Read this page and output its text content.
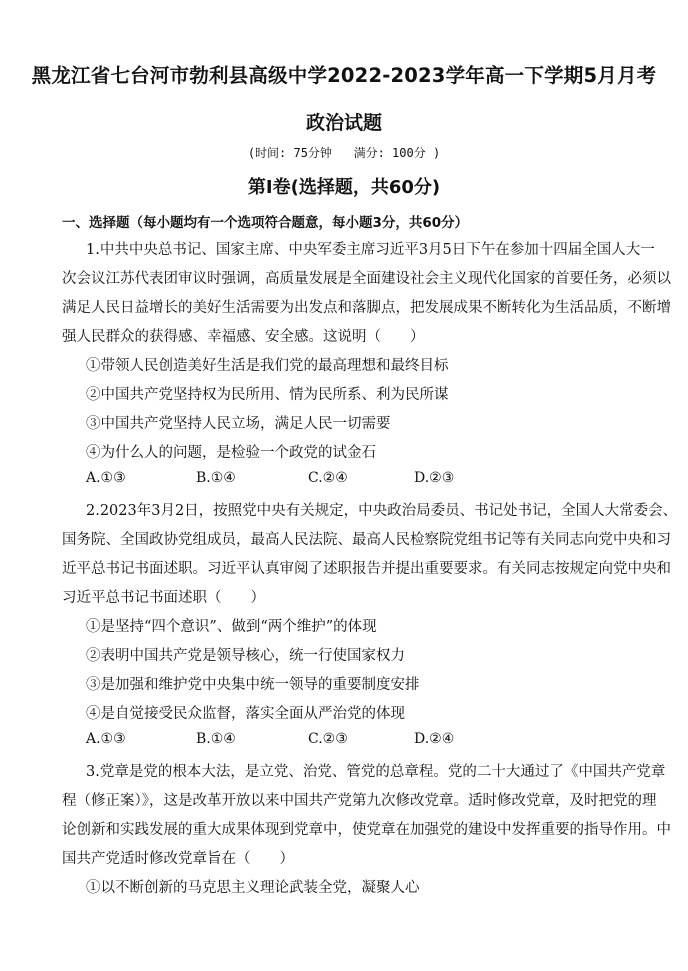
黑龙江省七台河市勃利县高级中学2022-2023学年高一下学期5月月考
政治试题
(时间: 75分钟   满分: 100分 )
第Ⅰ卷(选择题，共60分)
一、选择题（每小题均有一个选项符合题意，每小题3分，共60分）
1.中共中央总书记、国家主席、中央军委主席习近平3月5日下午在参加十四届全国人大一
次会议江苏代表团审议时强调，高质量发展是全面建设社会主义现代化国家的首要任务，必须以
满足人民日益增长的美好生活需要为出发点和落脚点，把发展成果不断转化为生活品质，不断增
强人民群众的获得感、幸福感、安全感。这说明（　　）
①带领人民创造美好生活是我们党的最高理想和最终目标
②中国共产党坚持权为民所用、情为民所系、利为民所谋
③中国共产党坚持人民立场，满足人民一切需要
④为什么人的问题，是检验一个政党的试金石
A.①③	B.①④	C.②④	D.②③
2.2023年3月2日，按照党中央有关规定，中央政治局委员、书记处书记，全国人大常委会、
国务院、全国政协党组成员，最高人民法院、最高人民检察院党组书记等有关同志向党中央和习
近平总书记书面述职。习近平认真审阅了述职报告并提出重要要求。有关同志按规定向党中央和
习近平总书记书面述职（　　）
①是坚持“四个意识”、做到“两个维护”的体现
②表明中国共产党是领导核心，统一行使国家权力
③是加强和维护党中央集中统一领导的重要制度安排
④是自觉接受民众监督，落实全面从严治党的体现
A.①③	B.①④	C.②③	D.②④
3.党章是党的根本大法，是立党、治党、管党的总章程。党的二十大通过了《中国共产党章
程（修正案）》，这是改革开放以来中国共产党第九次修改党章。适时修改党章，及时把党的理
论创新和实践发展的重大成果体现到党章中，使党章在加强党的建设中发挥重要的指导作用。中
国共产党适时修改党章旨在（　　）
①以不断创新的马克思主义理论武装全党，凝聚人心
